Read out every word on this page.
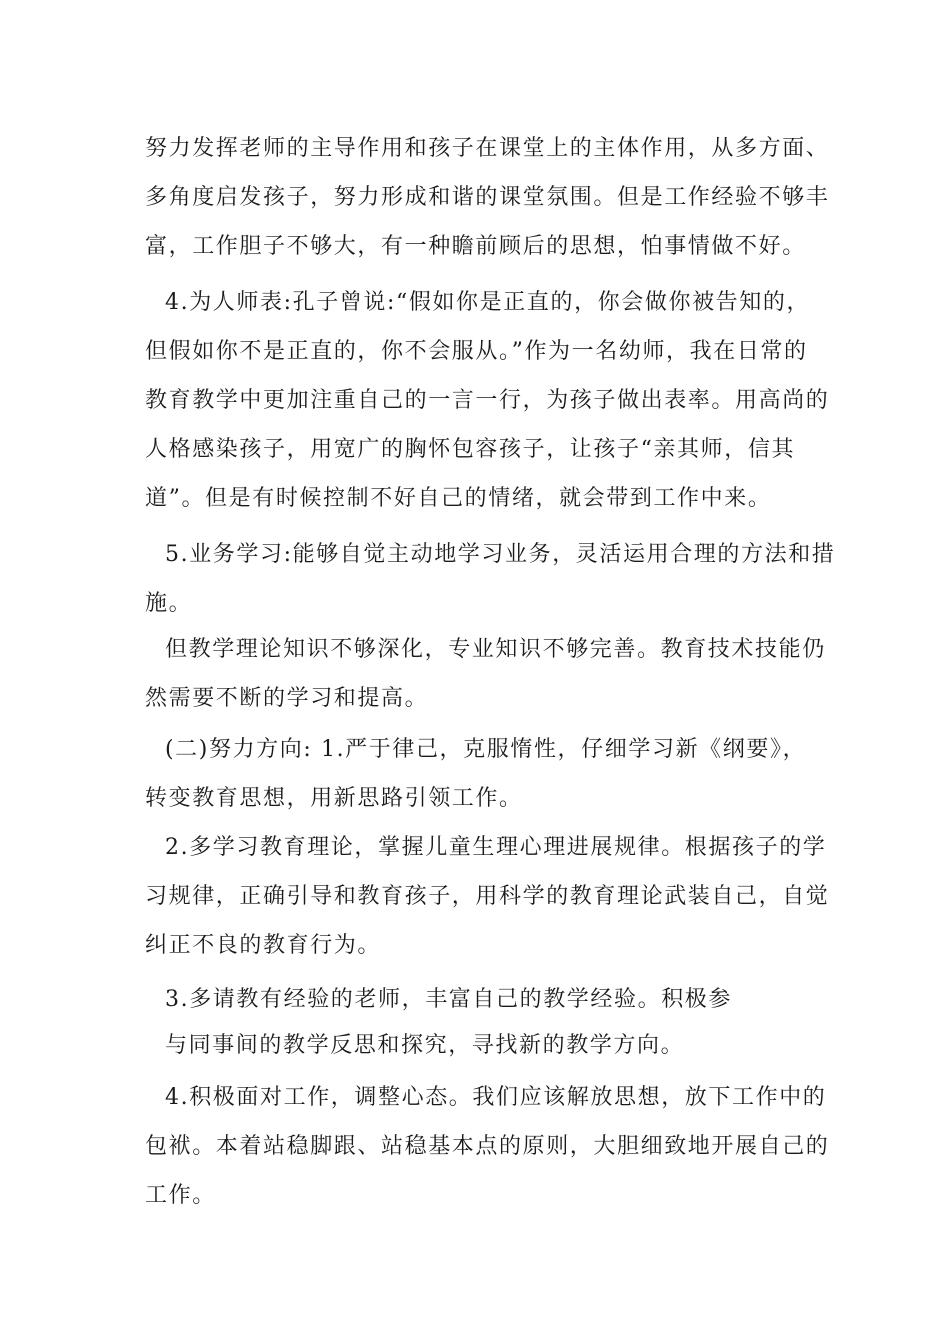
努力发挥老师的主导作用和孩子在课堂上的主体作用，从多方面、
多角度启发孩子，努力形成和谐的课堂氛围。但是工作经验不够丰
富，工作胆子不够大，有一种瞻前顾后的思想，怕事情做不好。
4.为人师表:孔子曾说:“假如你是正直的，你会做你被告知的，
但假如你不是正直的，你不会服从。”作为一名幼师，我在日常的
教育教学中更加注重自己的一言一行，为孩子做出表率。用高尚的
人格感染孩子，用宽广的胸怀包容孩子，让孩子“亲其师，信其
道”。但是有时候控制不好自己的情绪，就会带到工作中来。
5.业务学习:能够自觉主动地学习业务，灵活运用合理的方法和措
施。
但教学理论知识不够深化，专业知识不够完善。教育技术技能仍
然需要不断的学习和提高。
(二)努力方向: 1.严于律己，克服惰性，仔细学习新《纲要》，
转变教育思想，用新思路引领工作。
2.多学习教育理论，掌握儿童生理心理进展规律。根据孩子的学
习规律，正确引导和教育孩子，用科学的教育理论武装自己，自觉
纠正不良的教育行为。
3.多请教有经验的老师，丰富自己的教学经验。积极参
与同事间的教学反思和探究，寻找新的教学方向。
4.积极面对工作，调整心态。我们应该解放思想，放下工作中的
包袱。本着站稳脚跟、站稳基本点的原则，大胆细致地开展自己的
工作。
